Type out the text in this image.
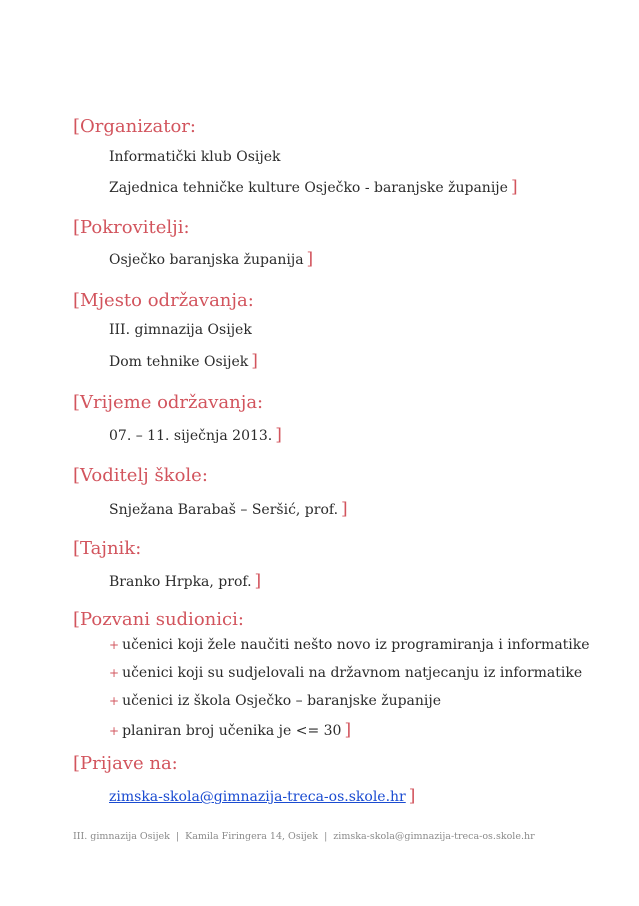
[Organizator:
Informatički klub Osijek
Zajednica tehničke kulture Osječko - baranjske županije ]
[Pokrovitelji:
Osječko baranjska županija ]
[Mjesto održavanja:
III. gimnazija Osijek
Dom tehnike Osijek ]
[Vrijeme održavanja:
07. – 11. siječnja 2013. ]
[Voditelj škole:
Snježana Barabaš – Seršić, prof. ]
[Tajnik:
Branko Hrpka, prof. ]
[Pozvani sudionici:
+ učenici koji žele naučiti nešto novo iz programiranja i informatike
+ učenici koji su sudjelovali na državnom natjecanju iz informatike
+ učenici iz škola Osječko – baranjske županije
+ planiran broj učenika je <= 30 ]
[Prijave na:
zimska-skola@gimnazija-treca-os.skole.hr ]
III. gimnazija Osijek | Kamila Firingera 14, Osijek | zimska-skola@gimnazija-treca-os.skole.hr
